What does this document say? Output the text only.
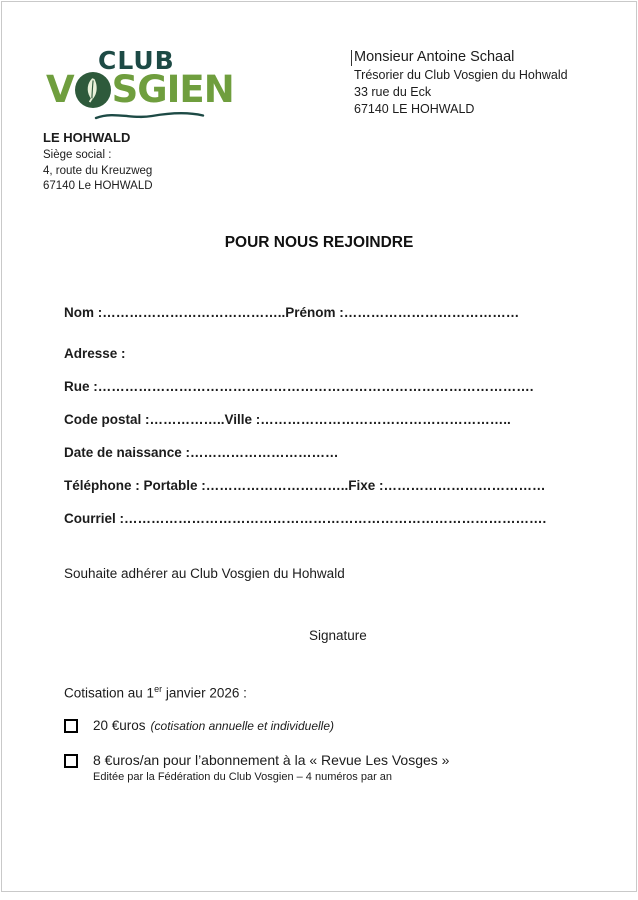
CLUB
V SGIEN
LE HOHWALD
Siège social :
4, route du Kreuzweg
67140 Le HOHWALD
Monsieur Antoine Schaal
Trésorier du Club Vosgien du Hohwald
33 rue du Eck
67140 LE HOHWALD
POUR NOUS REJOINDRE
Nom :…………………………………..Prénom :…………………………………
Adresse :
Rue :…………………………………………………………………………………….
Code postal :……………..Ville :………………………………………………..
Date de naissance :……………………………
Téléphone : Portable :…………………………..Fixe :………………………………
Courriel :………………………………………………………………………………….
Souhaite adhérer au Club Vosgien du Hohwald
Signature
Cotisation au 1er janvier 2026 :
20 €uros (cotisation annuelle et individuelle)
8 €uros/an pour l’abonnement à la « Revue Les Vosges »
Editée par la Fédération du Club Vosgien – 4 numéros par an
